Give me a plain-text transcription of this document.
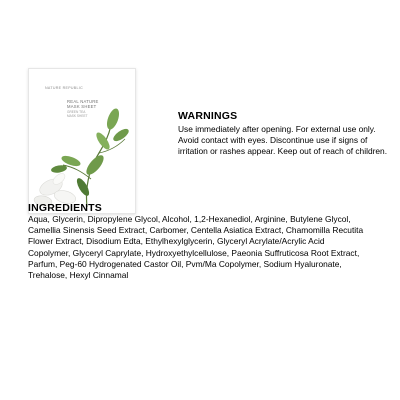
NATURE REPUBLIC
REAL NATURE
MASK SHEET
GREEN TEA
MASK SHEET	WARNINGS
Use immediately after opening. For external use only. Avoid contact with eyes. Discontinue use if signs of irritation or rashes appear. Keep out of reach of children.
INGREDIENTS
Aqua, Glycerin, Dipropylene Glycol, Alcohol, 1,2-Hexanediol, Arginine, Butylene Glycol, Camellia Sinensis Seed Extract, Carbomer, Centella Asiatica Extract, Chamomilla Recutita Flower Extract, Disodium Edta, Ethylhexylglycerin, Glyceryl Acrylate/Acrylic Acid Copolymer, Glyceryl Caprylate, Hydroxyethylcellulose, Paeonia Suffruticosa Root Extract, Parfum, Peg-60 Hydrogenated Castor Oil, Pvm/Ma Copolymer, Sodium Hyaluronate, Trehalose, Hexyl Cinnamal
